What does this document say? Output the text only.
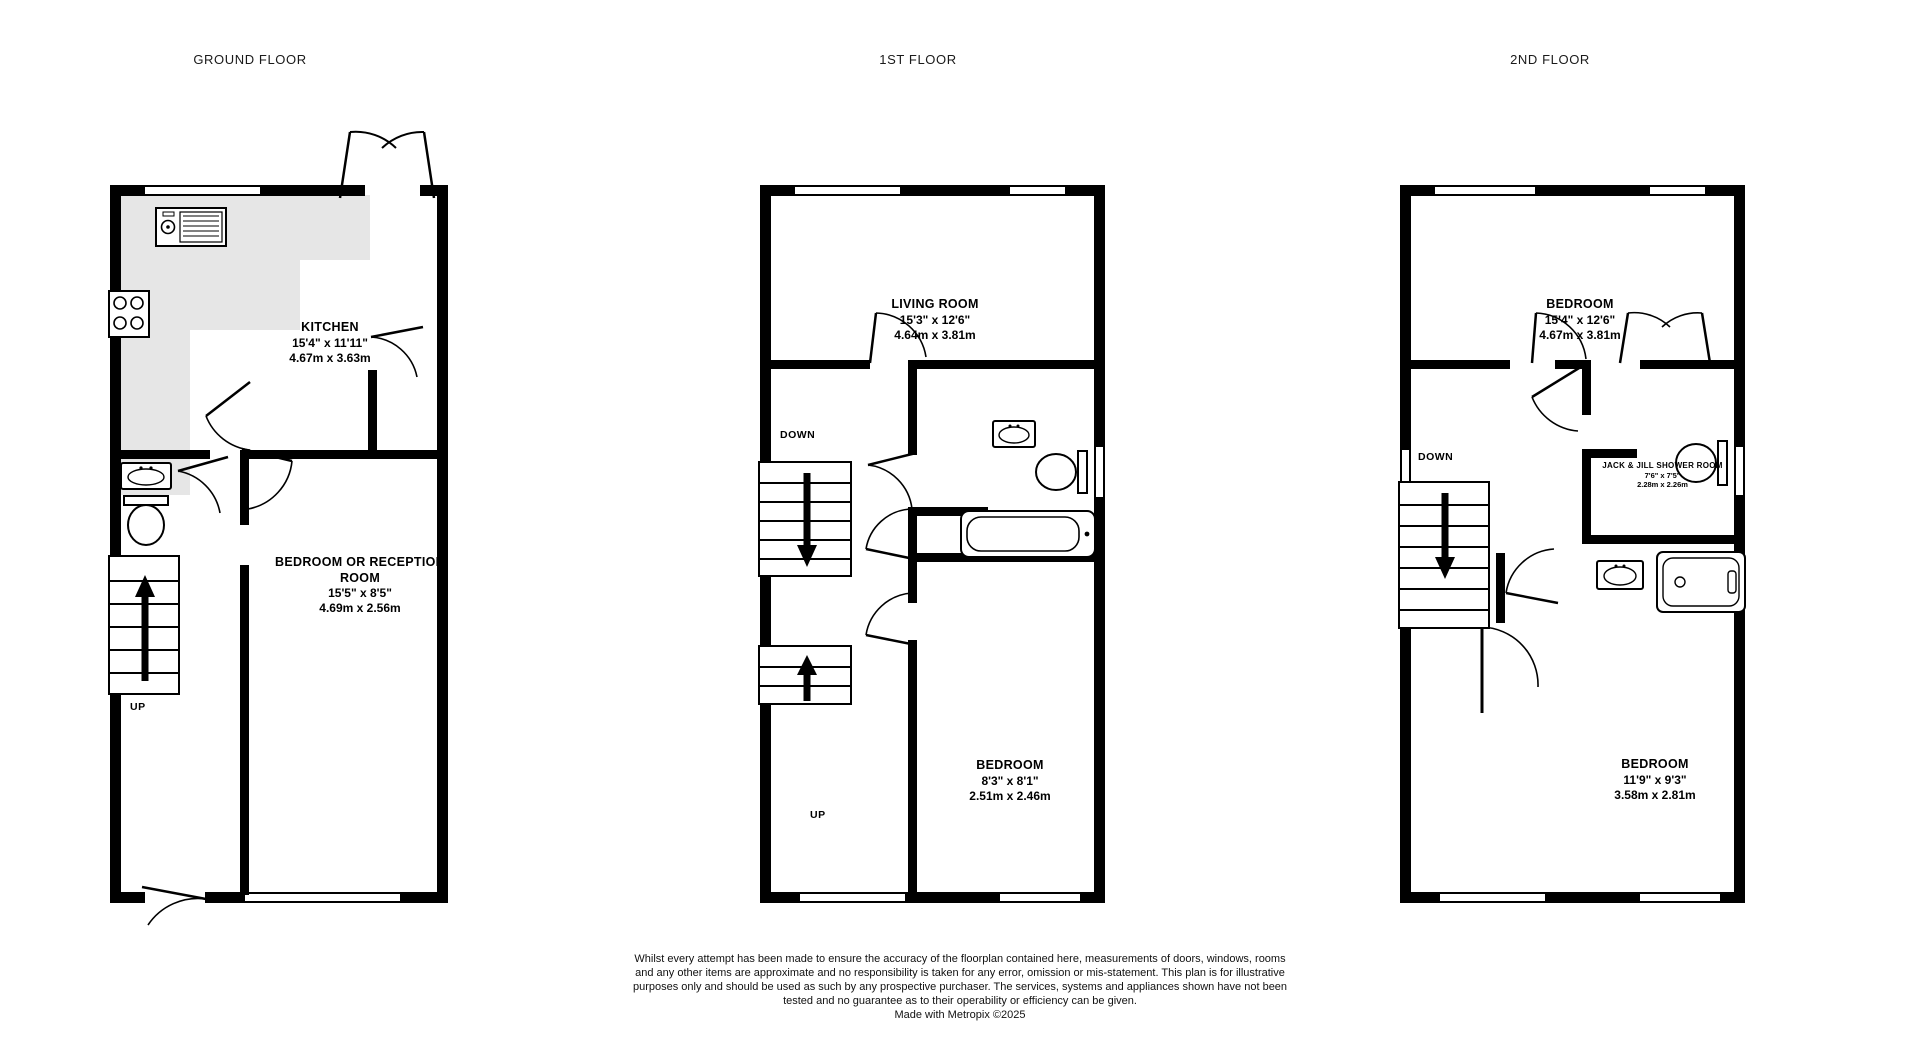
GROUND FLOOR	1ST FLOOR	2ND FLOOR
UP
KITCHEN
15'4" x 11'11"
4.67m x 3.63m
BEDROOM OR RECEPTION
ROOM
15'5" x 8'5"
4.69m x 2.56m
DOWN
UP
LIVING ROOM
15'3" x 12'6"
4.64m x 3.81m
BEDROOM
8'3" x 8'1"
2.51m x 2.46m
DOWN
BEDROOM
15'4" x 12'6"
4.67m x 3.81m
JACK & JILL SHOWER ROOM
7'6" x 7'5"
2.28m x 2.26m
BEDROOM
11'9" x 9'3"
3.58m x 2.81m
Whilst every attempt has been made to ensure the accuracy of the floorplan contained here, measurements of doors, windows, rooms and any other items are approximate and no responsibility is taken for any error, omission or mis-statement. This plan is for illustrative purposes only and should be used as such by any prospective purchaser. The services, systems and appliances shown have not been tested and no guarantee as to their operability or efficiency can be given.
Made with Metropix ©2025
